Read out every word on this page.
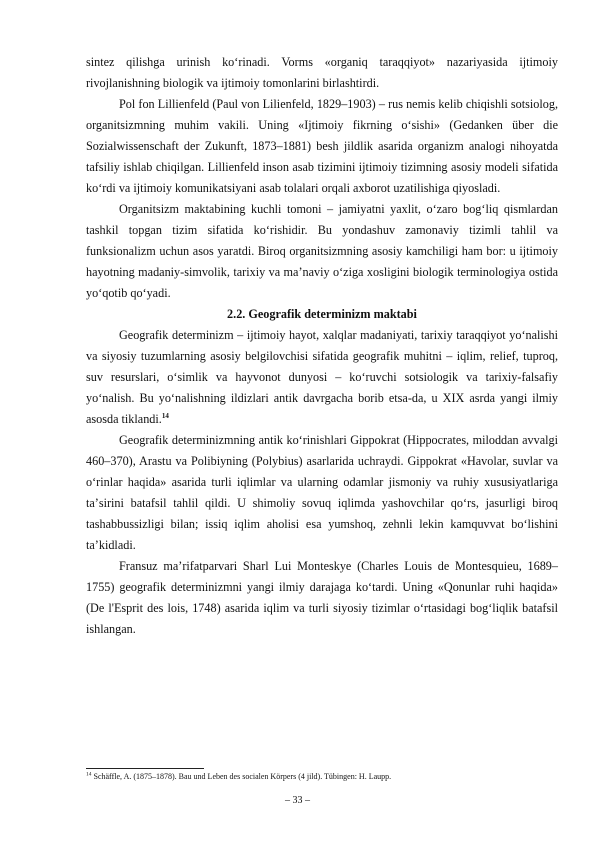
sintez qilishga urinish koʻrinadi. Vorms «organiq taraqqiyot» nazariyasida ijtimoiy rivojlanishning biologik va ijtimoiy tomonlarini birlashtirdi.

Pol fon Lillienfeld (Paul von Lilienfeld, 1829–1903) – rus nemis kelib chiqishli sotsiolog, organitsizmning muhim vakili. Uning «Ijtimoiy fikrning oʻsishi» (Gedanken über die Sozialwissenschaft der Zukunft, 1873–1881) besh jildlik asarida organizm analogi nihoyatda tafsiliy ishlab chiqilgan. Lillienfeld inson asab tizimini ijtimoiy tizimning asosiy modeli sifatida koʻrdi va ijtimoiy komunikatsiyani asab tolalari orqali axborot uzatilishiga qiyosladi.

Organitsizm maktabining kuchli tomoni – jamiyatni yaxlit, oʻzaro bogʻliq qismlardan tashkil topgan tizim sifatida koʻrishidir. Bu yondashuv zamonaviy tizimli tahlil va funksionalizm uchun asos yaratdi. Biroq organitsizmning asosiy kamchiligi ham bor: u ijtimoiy hayotning madaniy-simvolik, tarixiy va maʼnaviy oʻziga xosligini biologik terminologiya ostida yoʻqotib qoʻyadi.

2.2. Geografik determinizm maktabi

Geografik determinizm – ijtimoiy hayot, xalqlar madaniyati, tarixiy taraqqiyot yoʻnalishi va siyosiy tuzumlarning asosiy belgilovchisi sifatida geografik muhitni – iqlim, relief, tuproq, suv resurslari, oʻsimlik va hayvonot dunyosi – koʻruvchi sotsiologik va tarixiy-falsafiy yoʻnalish. Bu yoʻnalishning ildizlari antik davrgacha borib etsa-da, u XIX asrda yangi ilmiy asosda tiklandi.$^{14}$

Geografik determinizmning antik koʻrinishlari Gippokrat (Hippocrates, miloddan avvalgi 460–370), Arastu va Polibiyning (Polybius) asarlarida uchraydi. Gippokrat «Havolar, suvlar va oʻrinlar haqida» asarida turli iqlimlar va ularning odamlar jismoniy va ruhiy xususiyatlariga taʼsirini batafsil tahlil qildi. U shimoliy sovuq iqlimda yashovchilar qoʻrs, jasurligi biroq tashabbussizligi bilan; issiq iqlim aholisi esa yumshoq, zehnli lekin kamquvvat boʻlishini taʼkidladi.

Fransuz maʼrifatparvari Sharl Lui Monteskye (Charles Louis de Montesquieu, 1689–1755) geografik determinizmni yangi ilmiy darajaga koʻtardi. Uning «Qonunlar ruhi haqida» (De l'Esprit des lois, 1748) asarida iqlim va turli siyosiy tizimlar oʻrtasidagi bogʻliqlik batafsil ishlangan.

$^{14}$ Schäffle, A. (1875–1878). Bau und Leben des socialen Körpers (4 jild). Tübingen: H. Laupp.
– 33 –
